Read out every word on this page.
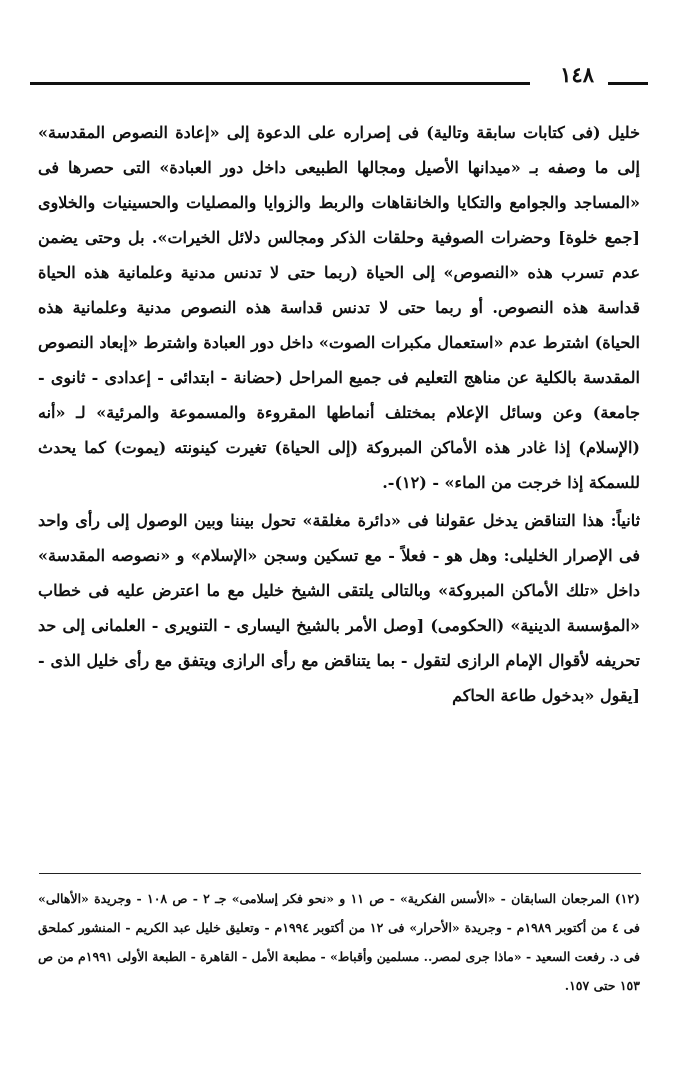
١٤٨

خليل (فى كتابات سابقة وتالية) فى إصراره على الدعوة إلى «إعادة النصوص المقدسة» إلى ما وصفه بـ «ميدانها الأصيل ومجالها الطبيعى داخل دور العبادة» التى حصرها فى «المساجد والجوامع والتكايا والخانقاهات والربط والزوايا والمصليات والحسينيات والخلاوى [جمع خلوة] وحضرات الصوفية وحلقات الذكر ومجالس دلائل الخيرات». بل وحتى يضمن عدم تسرب هذه «النصوص» إلى الحياة (ربما حتى لا تدنس مدنية وعلمانية هذه الحياة قداسة هذه النصوص. أو ربما حتى لا تدنس قداسة هذه النصوص مدنية وعلمانية هذه الحياة) اشترط عدم «استعمال مكبرات الصوت» داخل دور العبادة واشترط «إبعاد النصوص المقدسة بالكلية عن مناهج التعليم فى جميع المراحل (حضانة - ابتدائى - إعدادى - ثانوى - جامعة) وعن وسائل الإعلام بمختلف أنماطها المقروءة والمسموعة والمرئية» لـ «أنه (الإسلام) إذا غادر هذه الأماكن المبروكة (إلى الحياة) تغيرت كينونته (يموت) كما يحدث للسمكة إذا خرجت من الماء» - (١٢)-.

ثانياً: هذا التناقض يدخل عقولنا فى «دائرة مغلقة» تحول بيننا وبين الوصول إلى رأى واحد فى الإصرار الخليلى: وهل هو - فعلاً - مع تسكين وسجن «الإسلام» و «نصوصه المقدسة» داخل «تلك الأماكن المبروكة» وبالتالى يلتقى الشيخ خليل مع ما اعترض عليه فى خطاب «المؤسسة الدينية» (الحكومى) [وصل الأمر بالشيخ اليسارى - التنويرى - العلمانى إلى حد تحريفه لأقوال الإمام الرازى لتقول - بما يتناقض مع رأى الرازى ويتفق مع رأى خليل الذى - [يقول «بدخول طاعة الحاكم

(١٢) المرجعان السابقان - «الأسس الفكرية» - ص ١١ و «نحو فكر إسلامى» جـ ٢ - ص ١٠٨ - وجريدة «الأهالى» فى ٤ من أكتوبر ١٩٨٩م - وجريدة «الأحرار» فى ١٢ من أكتوبر ١٩٩٤م - وتعليق خليل عبد الكريم - المنشور كملحق فى د. رفعت السعيد - «ماذا جرى لمصر.. مسلمين وأقباط» - مطبعة الأمل - القاهرة - الطبعة الأولى ١٩٩١م من ص ١٥٣ حتى ١٥٧.
